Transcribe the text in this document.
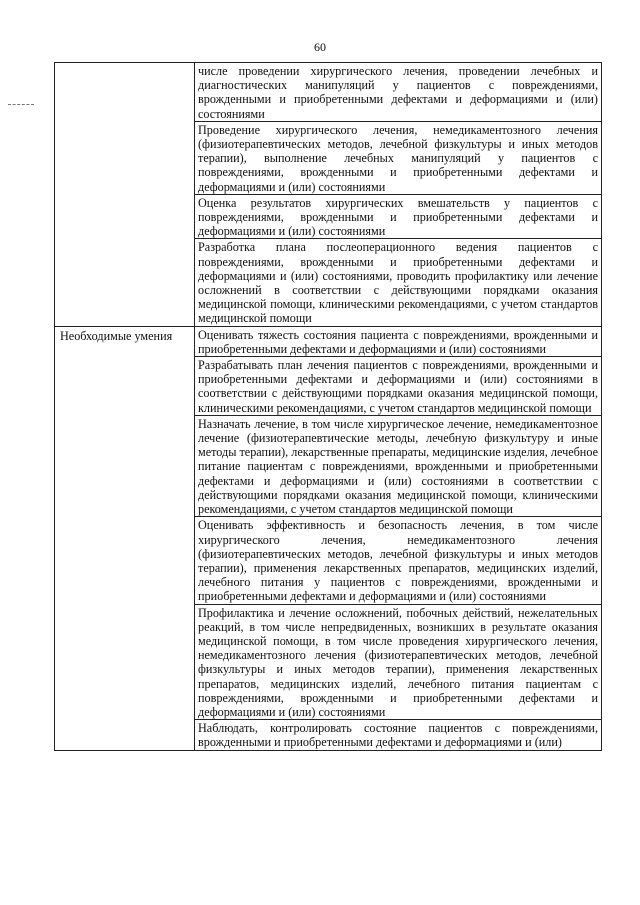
60
	числе проведении хирургического лечения, проведении лечебных и диагностических манипуляций у пациентов с повреждениями, врожденными и приобретенными дефектами и деформациями и (или) состояниями
	Проведение хирургического лечения, немедикаментозного лечения (физиотерапевтических методов, лечебной физкультуры и иных методов терапии), выполнение лечебных манипуляций у пациентов с повреждениями, врожденными и приобретенными дефектами и деформациями и (или) состояниями
	Оценка результатов хирургических вмешательств у пациентов с повреждениями, врожденными и приобретенными дефектами и деформациями и (или) состояниями
	Разработка плана послеоперационного ведения пациентов с повреждениями, врожденными и приобретенными дефектами и деформациями и (или) состояниями, проводить профилактику или лечение осложнений в соответствии с действующими порядками оказания медицинской помощи, клиническими рекомендациями, с учетом стандартов медицинской помощи

Необходимые умения	Оценивать тяжесть состояния пациента с повреждениями, врожденными и приобретенными дефектами и деформациями и (или) состояниями
	Разрабатывать план лечения пациентов с повреждениями, врожденными и приобретенными дефектами и деформациями и (или) состояниями в соответствии с действующими порядками оказания медицинской помощи, клиническими рекомендациями, с учетом стандартов медицинской помощи
	Назначать лечение, в том числе хирургическое лечение, немедикаментозное лечение (физиотерапевтические методы, лечебную физкультуру и иные методы терапии), лекарственные препараты, медицинские изделия, лечебное питание пациентам с повреждениями, врожденными и приобретенными дефектами и деформациями и (или) состояниями в соответствии с действующими порядками оказания медицинской помощи, клиническими рекомендациями, с учетом стандартов медицинской помощи
	Оценивать эффективность и безопасность лечения, в том числе хирургического лечения, немедикаментозного лечения (физиотерапевтических методов, лечебной физкультуры и иных методов терапии), применения лекарственных препаратов, медицинских изделий, лечебного питания у пациентов с повреждениями, врожденными и приобретенными дефектами и деформациями и (или) состояниями
	Профилактика и лечение осложнений, побочных действий, нежелательных реакций, в том числе непредвиденных, возникших в результате оказания медицинской помощи, в том числе проведения хирургического лечения, немедикаментозного лечения (физиотерапевтических методов, лечебной физкультуры и иных методов терапии), применения лекарственных препаратов, медицинских изделий, лечебного питания пациентам с повреждениями, врожденными и приобретенными дефектами и деформациями и (или) состояниями
	Наблюдать, контролировать состояние пациентов с повреждениями, врожденными и приобретенными дефектами и деформациями и (или)
